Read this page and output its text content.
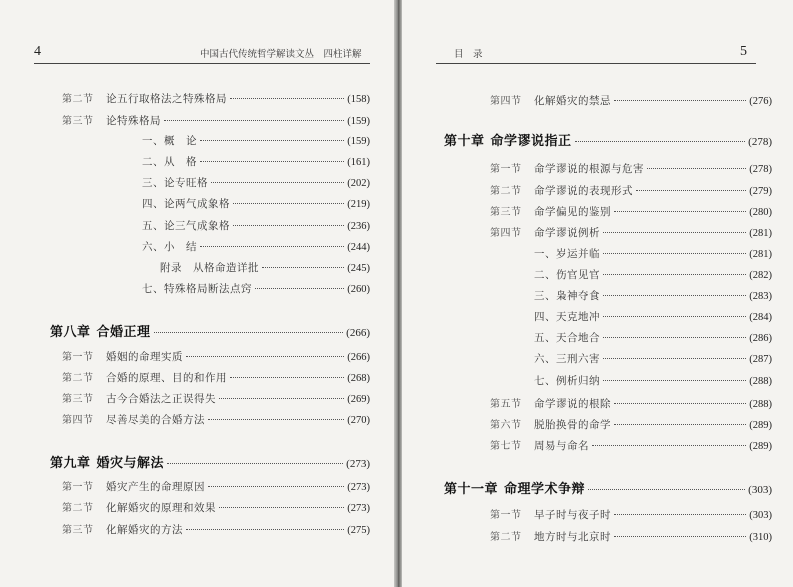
4	中国古代传统哲学解读文丛　四柱详解
第二节 论五行取格法之特殊格局	(158)
第三节 论特殊格局	(159)
一、概　论	(159)
二、从　格	(161)
三、论专旺格	(202)
四、论两气成象格	(219)
五、论三气成象格	(236)
六、小　结	(244)
附录　从格命造详批	(245)
七、特殊格局断法点窍	(260)
第八章 合婚正理	(266)
第一节 婚姻的命理实质	(266)
第二节 合婚的原理、目的和作用	(268)
第三节 古今合婚法之正误得失	(269)
第四节 尽善尽美的合婚方法	(270)
第九章 婚灾与解法	(273)
第一节 婚灾产生的命理原因	(273)
第二节 化解婚灾的原理和效果	(273)
第三节 化解婚灾的方法	(275)
目　录	5
第四节 化解婚灾的禁忌	(276)
第十章 命学谬说指正	(278)
第一节 命学谬说的根源与危害	(278)
第二节 命学谬说的表现形式	(279)
第三节 命学偏见的鉴别	(280)
第四节 命学谬说例析	(281)
一、岁运并临	(281)
二、伤官见官	(282)
三、枭神夺食	(283)
四、天克地冲	(284)
五、天合地合	(286)
六、三刑六害	(287)
七、例析归纳	(288)
第五节 命学谬说的根除	(288)
第六节 脱胎换骨的命学	(289)
第七节 周易与命名	(289)
第十一章 命理学术争辩	(303)
第一节 早子时与夜子时	(303)
第二节 地方时与北京时	(310)
